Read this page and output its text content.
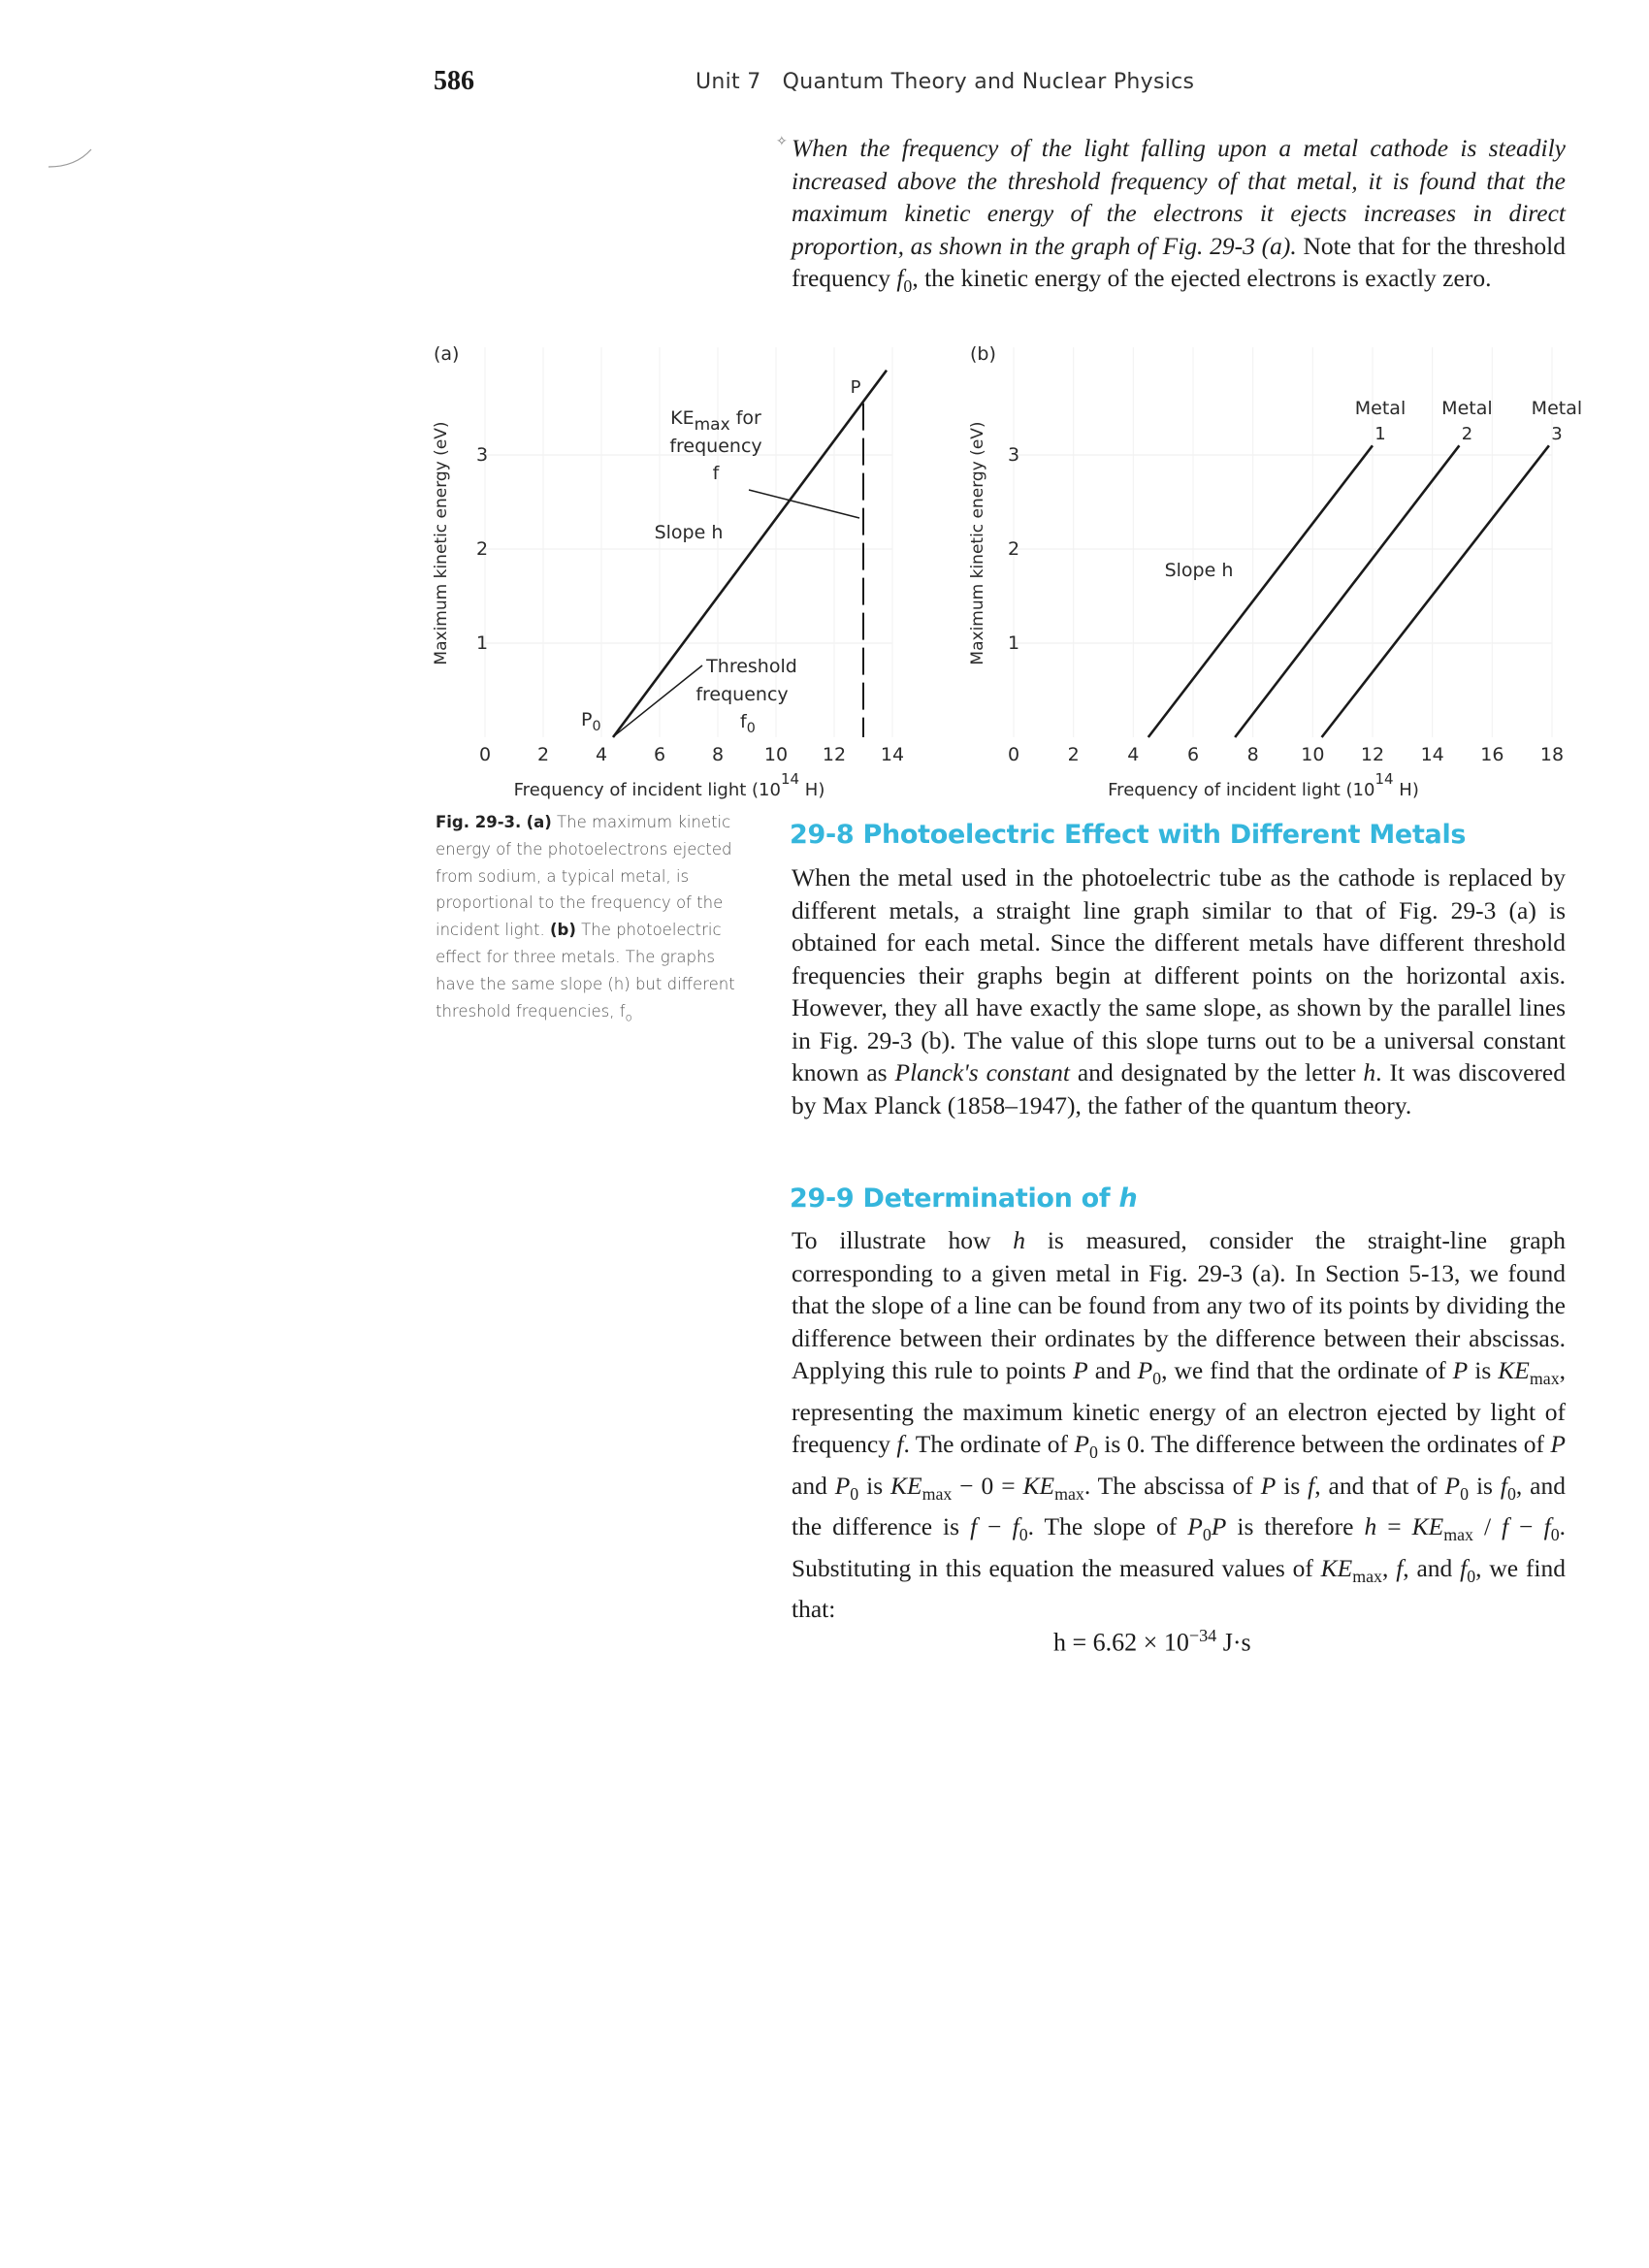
586	Unit 7 Quantum Theory and Nuclear Physics
✧ When the frequency of the light falling upon a metal cathode is steadily increased above the threshold frequency of that metal, it is found that the maximum kinetic energy of the electrons it ejects increases in direct proportion, as shown in the graph of Fig. 29-3 (a). Note that for the threshold frequency $f_0$, the kinetic energy of the ejected electrons is exactly zero.
(a)
Maximum kinetic energy (eV)
0	2	4	6	8 10 12 14
1
2
3
Frequency of incident light ($10^{14}$ H)
P
$P_0$
KEmax for
frequency
f
Slope h
Threshold
frequency
$f_0$
(b)
Maximum kinetic energy (eV)
0	2	4	6	8 10 12 14 16 18
1
2
3
Frequency of incident light ($10^{14}$ H)
Metal
1
Metal
2
Metal
3
Slope h
Fig. 29-3. (a) The maximum kinetic energy of the photoelectrons ejected from sodium, a typical metal, is proportional to the frequency of the incident light. (b) The photoelectric effect for three metals. The graphs have the same slope (h) but different threshold frequencies, $f_o$
29-8 Photoelectric Effect with Different Metals
When the metal used in the photoelectric tube as the cathode is replaced by different metals, a straight line graph similar to that of Fig. 29-3 (a) is obtained for each metal. Since the different metals have different threshold frequencies their graphs begin at different points on the horizontal axis. However, they all have exactly the same slope, as shown by the parallel lines in Fig. 29-3 (b). The value of this slope turns out to be a universal constant known as Planck's constant and designated by the letter h. It was discovered by Max Planck (1858–1947), the father of the quantum theory.
29-9 Determination of h
To illustrate how h is measured, consider the straight-line graph corresponding to a given metal in Fig. 29-3 (a). In Section 5-13, we found that the slope of a line can be found from any two of its points by dividing the difference between their ordinates by the difference between their abscissas. Applying this rule to points P and $P_0$, we find that the ordinate of P is $KE_{max}$, representing the maximum kinetic energy of an electron ejected by light of frequency f. The ordinate of $P_0$ is 0. The difference between the ordinates of P and $P_0$ is $KE_{max} - 0 = KE_{max}$. The abscissa of P is f, and that of $P_0$ is $f_0$, and the difference is $f - f_0$. The slope of $P_0P$ is therefore $h = KE_{max} / f - f_0$. Substituting in this equation the measured values of $KE_{max}$, f, and $f_0$, we find that:
$h = 6.62 \times 10^{-34}$ J·s
